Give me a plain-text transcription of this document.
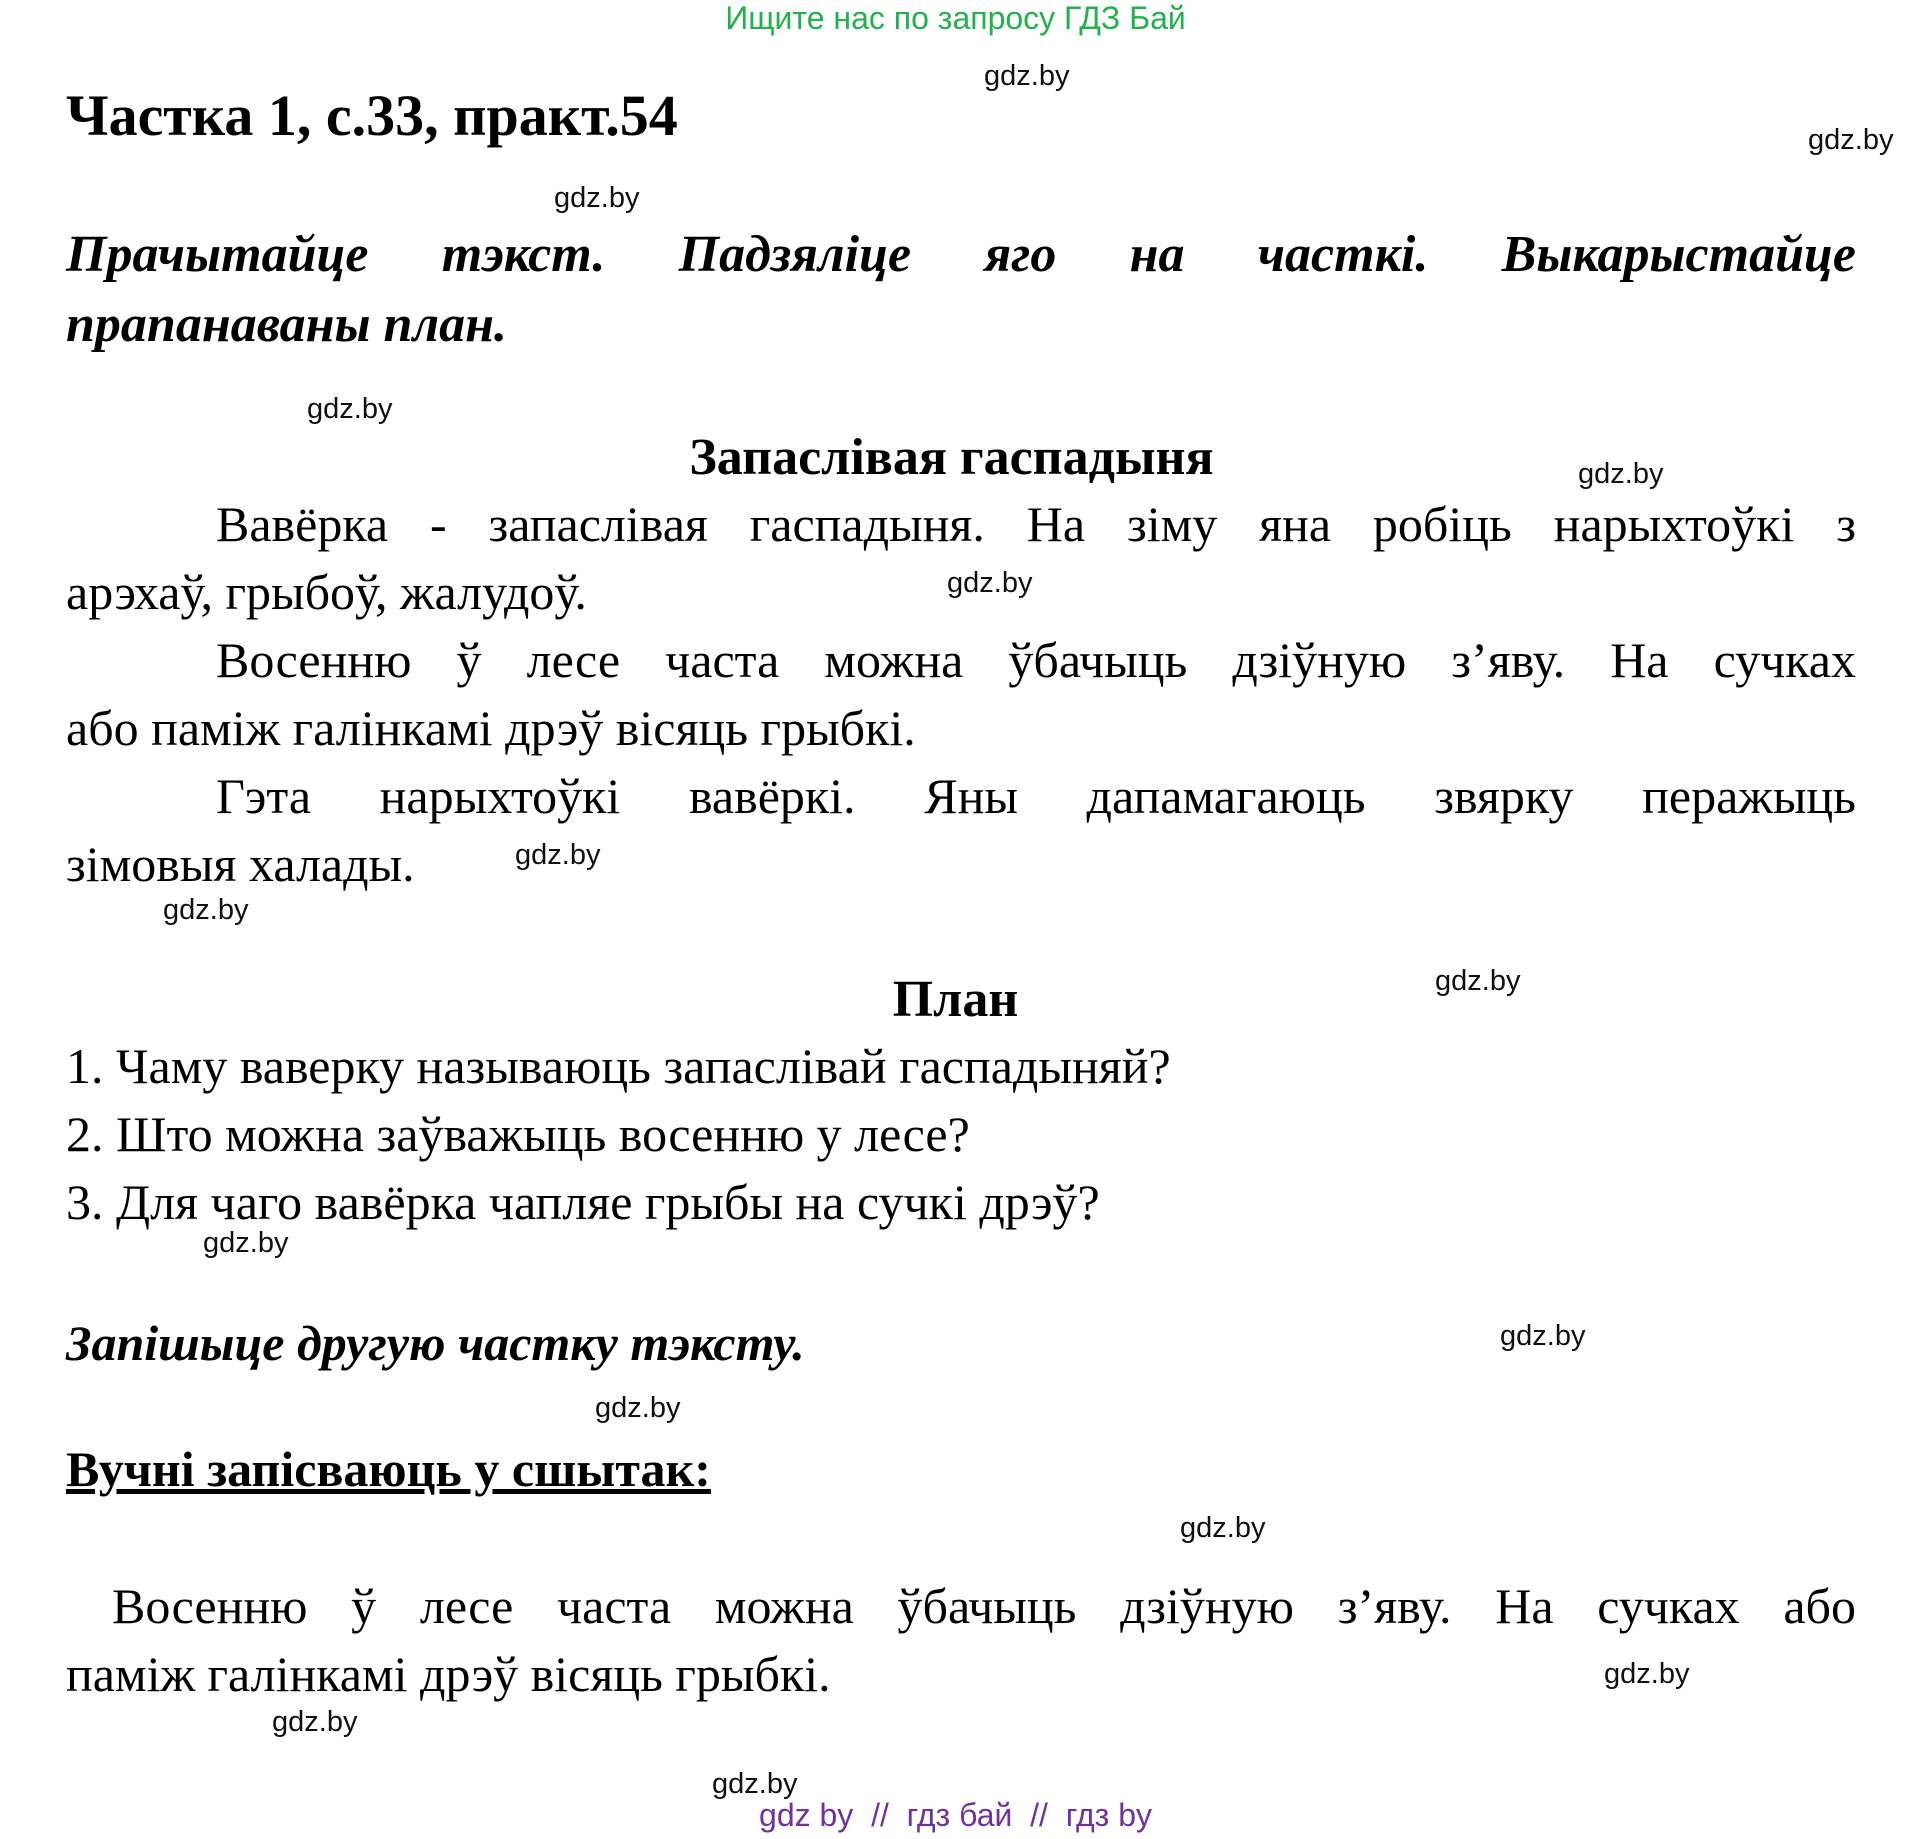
Ищите нас по запросу ГДЗ Бай
Частка 1, с.33, практ.54
Прачытайце тэкст. Падзяліце яго на часткі. Выкарыстайце
прапанаваны план.
Запаслівая гаспадыня
Вавёрка - запаслівая гаспадыня. На зіму яна робіць нарыхтоўкі з
арэхаў, грыбоў, жалудоў.
Восенню ў лесе часта можна ўбачыць дзіўную з’яву. На сучках
або паміж галінкамі дрэў вісяць грыбкі.
Гэта нарыхтоўкі вавёркі. Яны дапамагаюць звярку перажыць
зімовыя халады.
План
1. Чаму ваверку называюць запаслівай гаспадыняй?
2. Што можна заўважыць восенню у лесе?
3. Для чаго вавёрка чапляе грыбы на сучкі дрэў?
Запішыце другую частку тэксту.
Вучні запісваюць у сшытак:
Восенню ў лесе часта можна ўбачыць дзіўную з’яву. На сучках або
паміж галінкамі дрэў вісяць грыбкі.
gdz.by
gdz.by
gdz.by
gdz.by
gdz.by
gdz.by
gdz.by
gdz.by
gdz.by
gdz.by
gdz.by
gdz.by
gdz.by
gdz.by
gdz.by
gdz.by
gdz by  //  гдз бай  //  гдз by
